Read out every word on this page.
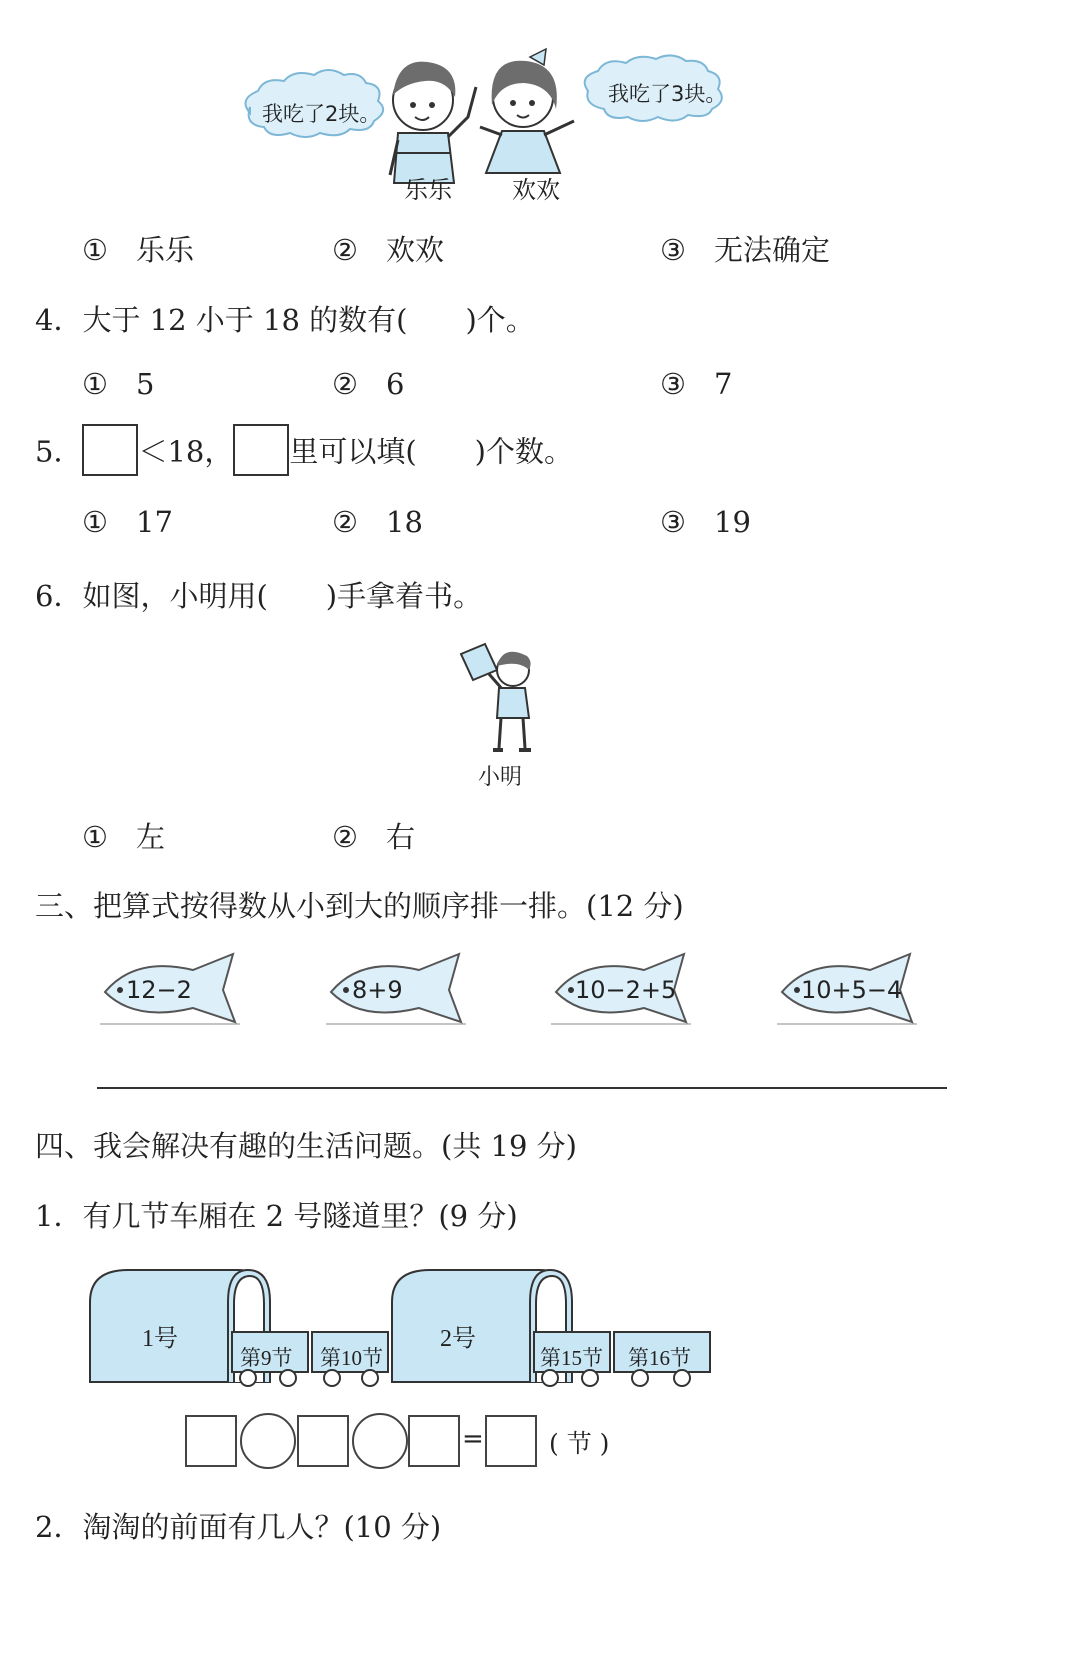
我吃了2块。
我吃了3块。
乐乐	欢欢
① 乐乐	② 欢欢	③ 无法确定
4．大于 12 小于 18 的数有(　　)个。
① 5	② 6	③ 7
5． ＜18， 里可以填(　　)个数。
① 17	② 18	③ 19
6．如图，小明用(　　)手拿着书。
小明
① 左	② 右
三、把算式按得数从小到大的顺序排一排。(12 分)
12−2	8+9	10−2+5	10+5−4
四、我会解决有趣的生活问题。(共 19 分)
1．有几节车厢在 2 号隧道里？(9 分)
1号	2号
第9节 第10节	第15节 第16节
=	( 节 )
2．淘淘的前面有几人？(10 分)
